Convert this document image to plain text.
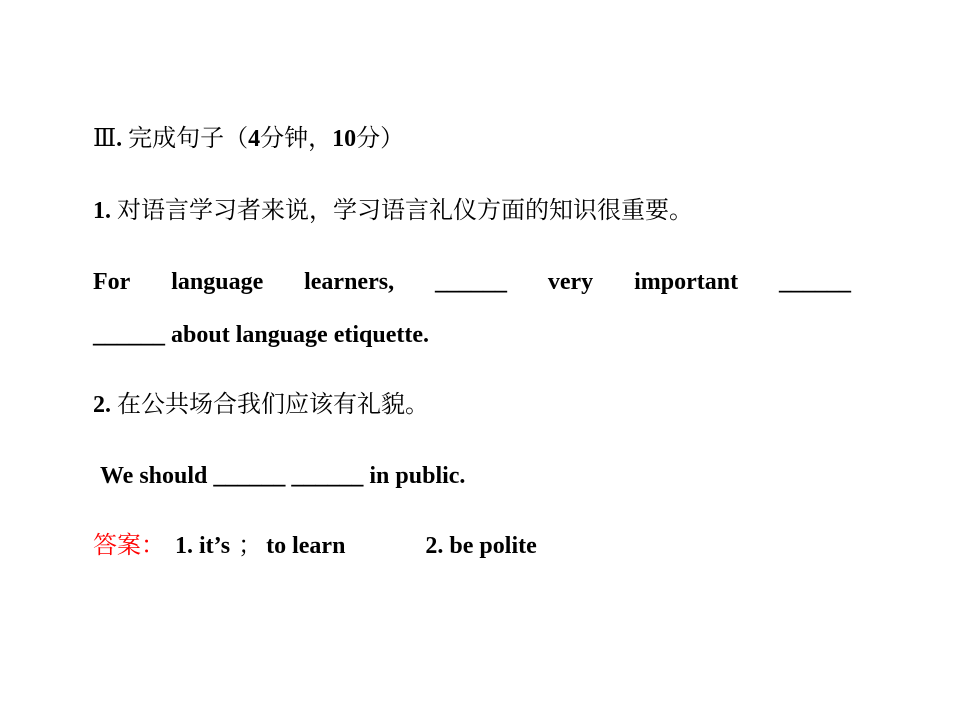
Ⅲ. 完成句子（4分钟，10分）
1. 对语言学习者来说，学习语言礼仪方面的知识很重要。
For language learners, ______ very important ______
______ about language etiquette.
2. 在公共场合我们应该有礼貌。
We should ______ ______ in public.
答案： 1. it’s ； to learn	2. be polite
